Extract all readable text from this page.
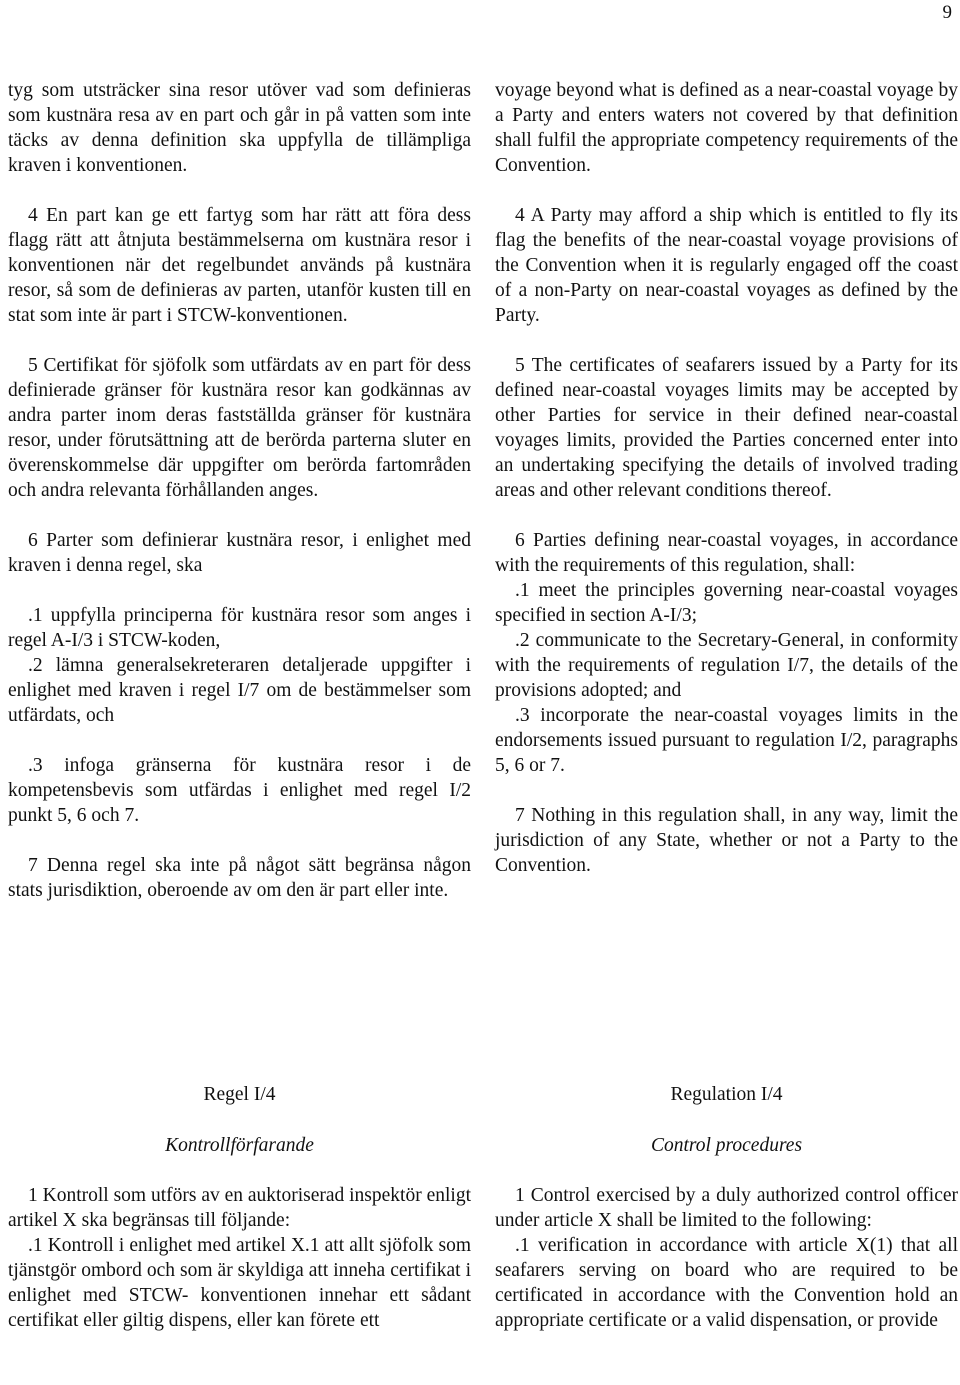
9

tyg som utsträcker sina resor utöver vad som definieras som kustnära resa av en part och går in på vatten som inte täcks av denna definition ska uppfylla de tillämpliga kraven i konventionen.

4 En part kan ge ett fartyg som har rätt att föra dess flagg rätt att åtnjuta bestämmelserna om kustnära resor i konventionen när det regelbundet används på kustnära resor, så som de definieras av parten, utanför kusten till en stat som inte är part i STCW-konventionen.

5 Certifikat för sjöfolk som utfärdats av en part för dess definierade gränser för kustnära resor kan godkännas av andra parter inom deras fastställda gränser för kustnära resor, under förutsättning att de berörda parterna sluter en överenskommelse där uppgifter om berörda fartområden och andra relevanta förhållanden anges.

6 Parter som definierar kustnära resor, i enlighet med kraven i denna regel, ska

.1 uppfylla principerna för kustnära resor som anges i regel A-I/3 i STCW-koden,

.2 lämna generalsekreteraren detaljerade uppgifter i enlighet med kraven i regel I/7 om de bestämmelser som utfärdats, och

.3 infoga gränserna för kustnära resor i de kompetensbevis som utfärdas i enlighet med regel I/2 punkt 5, 6 och 7.

7 Denna regel ska inte på något sätt begränsa någon stats jurisdiktion, oberoende av om den är part eller inte.

voyage beyond what is defined as a near-coastal voyage by a Party and enters waters not covered by that definition shall fulfil the appropriate competency requirements of the Convention.

4 A Party may afford a ship which is entitled to fly its flag the benefits of the near-coastal voyage provisions of the Convention when it is regularly engaged off the coast of a non-Party on near-coastal voyages as defined by the Party.

5 The certificates of seafarers issued by a Party for its defined near-coastal voyages limits may be accepted by other Parties for service in their defined near-coastal voyages limits, provided the Parties concerned enter into an undertaking specifying the details of involved trading areas and other relevant conditions thereof.

6 Parties defining near-coastal voyages, in accordance with the requirements of this regulation, shall:

.1 meet the principles governing near-coastal voyages specified in section A-I/3;

.2 communicate to the Secretary-General, in conformity with the requirements of regulation I/7, the details of the provisions adopted; and

.3 incorporate the near-coastal voyages limits in the endorsements issued pursuant to regulation I/2, paragraphs 5, 6 or 7.

7 Nothing in this regulation shall, in any way, limit the jurisdiction of any State, whether or not a Party to the Convention.

Regel I/4	Regulation I/4
Kontrollförfarande	Control procedures

1 Kontroll som utförs av en auktoriserad inspektör enligt artikel X ska begränsas till följande:

.1 Kontroll i enlighet med artikel X.1 att allt sjöfolk som tjänstgör ombord och som är skyldiga att inneha certifikat i enlighet med STCW- konventionen innehar ett sådant certifikat eller giltig dispens, eller kan förete ett

1 Control exercised by a duly authorized control officer under article X shall be limited to the following:

.1 verification in accordance with article X(1) that all seafarers serving on board who are required to be certificated in accordance with the Convention hold an appropriate certificate or a valid dispensation, or provide
